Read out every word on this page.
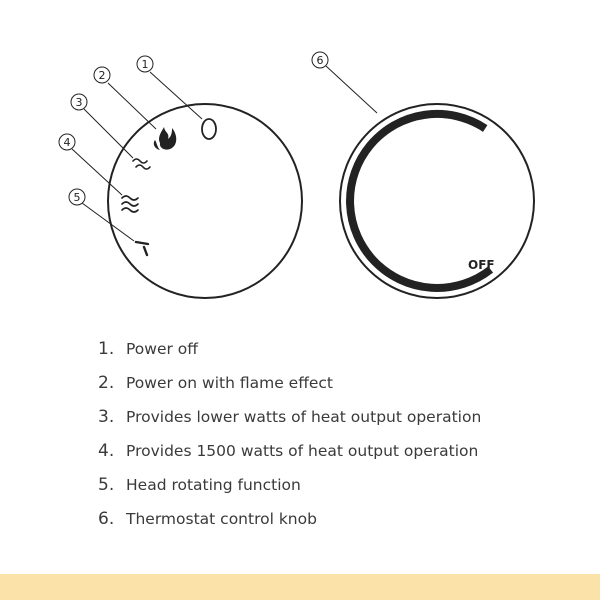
1
2
3
4
5
6
OFF
1. Power off
2. Power on with flame effect
3. Provides lower watts of heat output operation
4. Provides 1500 watts of heat output operation
5. Head rotating function
6. Thermostat control knob
